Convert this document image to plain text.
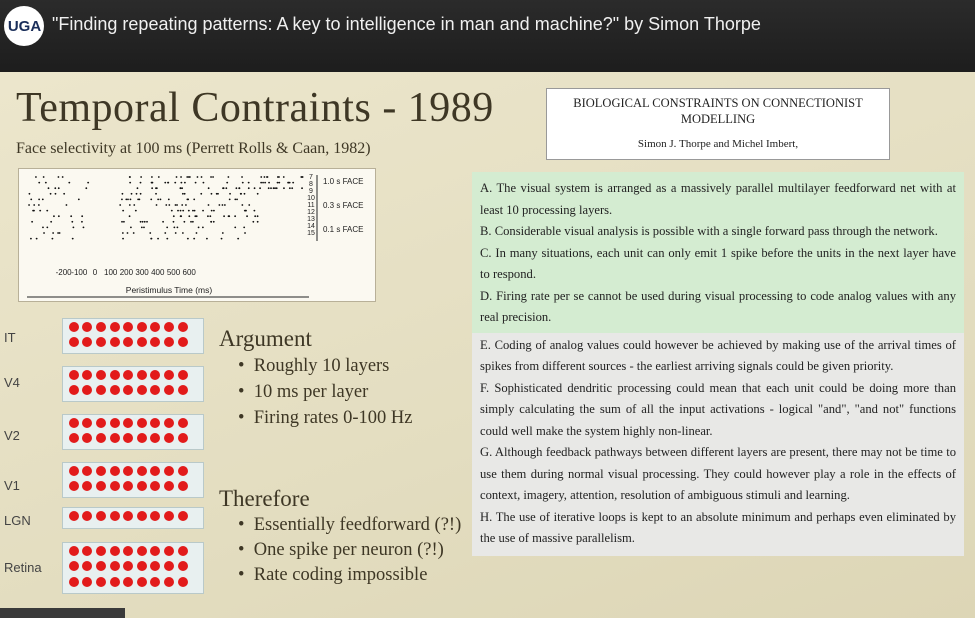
UGA "Finding repeating patterns: A key to intelligence in man and machine?" by Simon Thorpe
Temporal Contraints - 1989
Face selectivity at 100 ms (Perrett Rolls & Caan, 1982)
-200 -100 0 100 200 300 400 500 600
Peristimulus Time (ms)
7
8
9
10
11
12
13
14
15
1.0 s FACE
0.3 s FACE
0.1 s FACE
BIOLOGICAL CONSTRAINTS ON CONNECTIONIST MODELLING
Simon J. Thorpe and Michel Imbert,
A. The visual system is arranged as a massively parallel multilayer feedforward net with at least 10 processing layers.
B. Considerable visual analysis is possible with a single forward pass through the network.
C. In many situations, each unit can only emit 1 spike before the units in the next layer have to respond.
D. Firing rate per se cannot be used during visual processing to code analog values with any real precision.
E. Coding of analog values could however be achieved by making use of the arrival times of spikes from different sources - the earliest arriving signals could be given priority.
F. Sophisticated dendritic processing could mean that each unit could be doing more than simply calculating the sum of all the input activations - logical "and", "and not" functions could well make the system highly non-linear.
G. Although feedback pathways between different layers are present, there may not be time to use them during normal visual processing. They could however play a role in the effects of context, imagery, attention, resolution of ambiguous stimuli and learning.
H. The use of iterative loops is kept to an absolute minimum and perhaps even eliminated by the use of massive parallelism.
IT
V4
V2
V1
LGN
Retina
Argument
•  Roughly 10 layers
•  10 ms per layer
•  Firing rates 0-100 Hz
Therefore
•  Essentially feedforward (?!)
•  One spike per neuron (?!)
•  Rate coding impossible
